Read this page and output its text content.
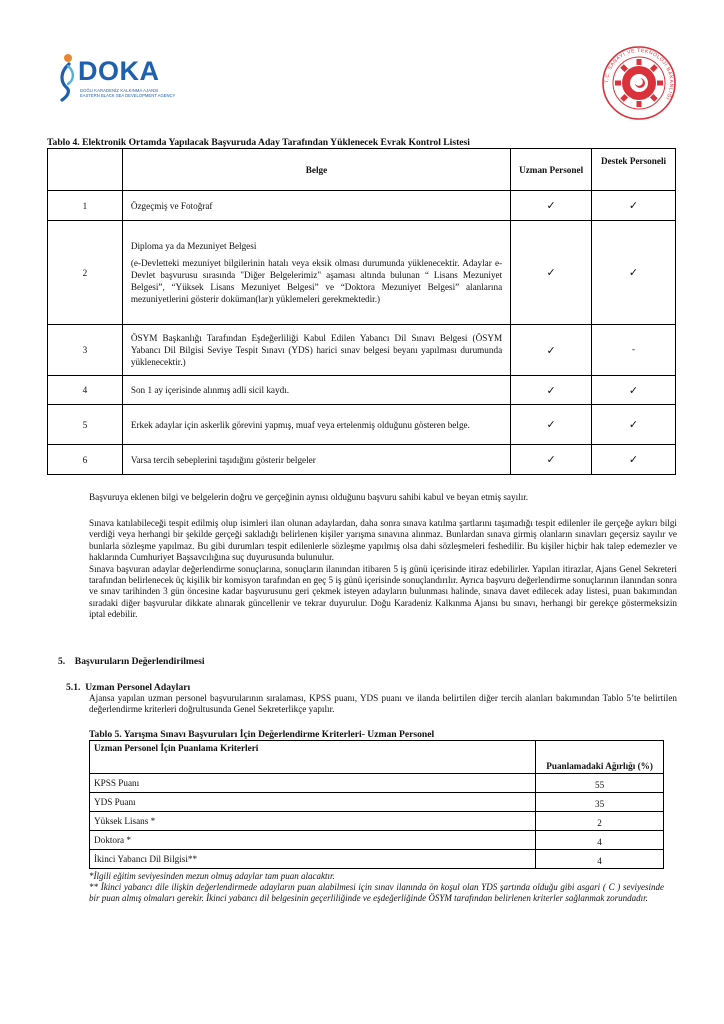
DOKA
DOĞU KARADENİZ KALKINMA AJANSI
EASTERN BLACK SEA DEVELOPMENT AGENCY
T.C. SANAYİ VE TEKNOLOJİ BAKANLIĞI
Tablo 4. Elektronik Ortamda Yapılacak Başvuruda Aday Tarafından Yüklenecek Evrak Kontrol Listesi
	Belge	Uzman Personel	Destek Personeli
1	Özgeçmiş ve Fotoğraf	✓	✓
2	Diploma ya da Mezuniyet Belgesi

(e-Devletteki mezuniyet bilgilerinin hatalı veya eksik olması durumunda yüklenecektir. Adaylar e-Devlet başvurusu sırasında "Diğer Belgelerimiz" aşaması altında bulunan “ Lisans Mezuniyet Belgesi”, “Yüksek Lisans Mezuniyet Belgesi” ve “Doktora Mezuniyet Belgesi” alanlarına mezuniyetlerini gösterir doküman(lar)ı yüklemeleri gerekmektedir.)	✓	✓
3	ÖSYM Başkanlığı Tarafından Eşdeğerliliği Kabul Edilen Yabancı Dil Sınavı Belgesi (ÖSYM Yabancı Dil Bilgisi Seviye Tespit Sınavı (YDS) harici sınav belgesi beyanı yapılması durumunda yüklenecektir.)	✓	-
4	Son 1 ay içerisinde alınmış adli sicil kaydı.	✓	✓
5	Erkek adaylar için askerlik görevini yapmış, muaf veya ertelenmiş olduğunu gösteren belge.	✓	✓
6	Varsa tercih sebeplerini taşıdığını gösterir belgeler	✓	✓

Başvuruya eklenen bilgi ve belgelerin doğru ve gerçeğinin aynısı olduğunu başvuru sahibi kabul ve beyan etmiş sayılır.

Sınava katılabileceği tespit edilmiş olup isimleri ilan olunan adaylardan, daha sonra sınava katılma şartlarını taşımadığı tespit edilenler ile gerçeğe aykırı bilgi verdiği veya herhangi bir şekilde gerçeği sakladığı belirlenen kişiler yarışma sınavına alınmaz. Bunlardan sınava girmiş olanların sınavları geçersiz sayılır ve bunlarla sözleşme yapılmaz. Bu gibi durumları tespit edilenlerle sözleşme yapılmış olsa dahi sözleşmeleri feshedilir. Bu kişiler hiçbir hak talep edemezler ve haklarında Cumhuriyet Başsavcılığına suç duyurusunda bulunulur.

Sınava başvuran adaylar değerlendirme sonuçlarına, sonuçların ilanından itibaren 5 iş günü içerisinde itiraz edebilirler. Yapılan itirazlar, Ajans Genel Sekreteri tarafından belirlenecek üç kişilik bir komisyon tarafından en geç 5 iş günü içerisinde sonuçlandırılır. Ayrıca başvuru değerlendirme sonuçlarının ilanından sonra ve sınav tarihinden 3 gün öncesine kadar başvurusunu geri çekmek isteyen adayların bulunması halinde, sınava davet edilecek aday listesi, puan bakımından sıradaki diğer başvurular dikkate alınarak güncellenir ve tekrar duyurulur. Doğu Karadeniz Kalkınma Ajansı bu sınavı, herhangi bir gerekçe göstermeksizin iptal edebilir.

5.    Başvuruların Değerlendirilmesi
5.1.  Uzman Personel Adayları

Ajansa yapılan uzman personel başvurularının sıralaması, KPSS puanı, YDS puanı ve ilanda belirtilen diğer tercih alanları bakımından Tablo 5’te belirtilen değerlendirme kriterleri doğrultusunda Genel Sekreterlikçe yapılır.

Tablo 5. Yarışma Sınavı Başvuruları İçin Değerlendirme Kriterleri- Uzman Personel
Uzman Personel İçin Puanlama Kriterleri	Puanlamadaki Ağırlığı (%)
KPSS Puanı	55
YDS Puanı	35
Yüksek Lisans *	2
Doktora *	4
İkinci Yabancı Dil Bilgisi**	4

*İlgili eğitim seviyesinden mezun olmuş adaylar tam puan alacaktır.

** İkinci yabancı dile ilişkin değerlendirmede adayların puan alabilmesi için sınav ilanında ön koşul olan YDS şartında olduğu gibi asgari ( C ) seviyesinde bir puan almış olmaları gerekir. İkinci yabancı dil belgesinin geçerliliğinde ve eşdeğerliğinde ÖSYM tarafından belirlenen kriterler sağlanmak zorundadır.
